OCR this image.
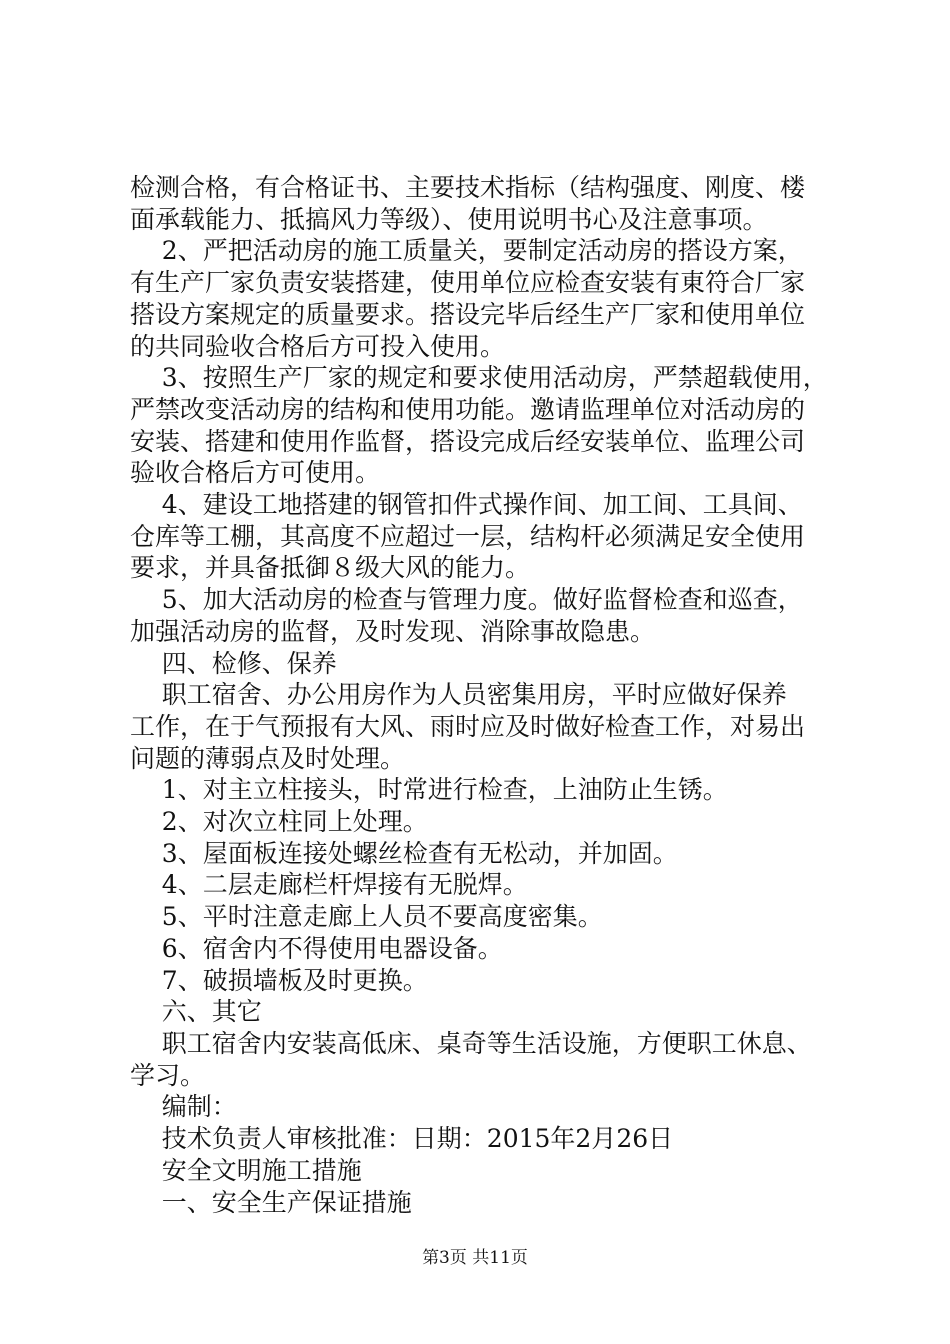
检测合格，有合格证书、主要技术指标（结构强度、刚度、楼
面承载能力、抵搞风力等级）、使用说明书心及注意事项。
2、严把活动房的施工质量关，要制定活动房的搭设方案，
有生产厂家负责安装搭建，使用单位应检查安装有東符合厂家
搭设方案规定的质量要求。搭设完毕后经生产厂家和使用单位
的共同验收合格后方可投入使用。
3、按照生产厂家的规定和要求使用活动房，严禁超载使用，
严禁改变活动房的结构和使用功能。邀请监理单位对活动房的
安装、搭建和使用作监督，搭设完成后经安装单位、监理公司
验收合格后方可使用。
4、建设工地搭建的钢管扣件式操作间、加工间、工具间、
仓库等工棚，其高度不应超过一层，结构杆必须满足安全使用
要求，并具备抵御８级大风的能力。
5、加大活动房的检查与管理力度。做好监督检查和巡查，
加强活动房的监督，及时发现、消除事故隐患。
四、检修、保养
职工宿舍、办公用房作为人员密集用房，平时应做好保养
工作，在于气预报有大风、雨时应及时做好检查工作，对易出
问题的薄弱点及时处理。
1、对主立柱接头，时常进行检查，上油防止生锈。
2、对次立柱同上处理。
3、屋面板连接处螺丝检查有无松动，并加固。
4、二层走廊栏杆焊接有无脱焊。
5、平时注意走廊上人员不要高度密集。
6、宿舍内不得使用电器设备。
7、破损墙板及时更换。
六、其它
职工宿舍内安装高低床、桌奇等生活设施，方便职工休息、
学习。
编制：
技术负责人审核批准：日期：2015年2月26日
安全文明施工措施
一、安全生产保证措施
第3页 共11页
